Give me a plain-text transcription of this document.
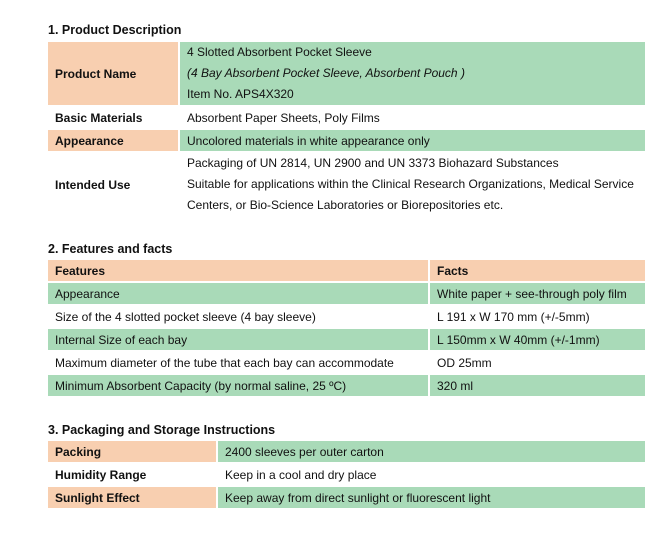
1. Product Description
Product Name	4 Slotted Absorbent Pocket Sleeve
(4 Bay Absorbent Pocket Sleeve, Absorbent Pouch )
Item No. APS4X320

Basic Materials	Absorbent Paper Sheets, Poly Films
Appearance	Uncolored materials in white appearance only
Intended Use	Packaging of UN 2814, UN 2900 and UN 3373 Biohazard Substances
Suitable for applications within the Clinical Research Organizations, Medical Service
Centers, or Bio-Science Laboratories or Biorepositories etc.
2. Features and facts
Features	Facts
Appearance	White paper + see-through poly film
Size of the 4 slotted pocket sleeve (4 bay sleeve)	L 191 x W 170 mm (+/-5mm)
Internal Size of each bay	L 150mm x W 40mm (+/-1mm)
Maximum diameter of the tube that each bay can accommodate	OD 25mm
Minimum Absorbent Capacity (by normal saline, 25 ºC)	320 ml
3. Packaging and Storage Instructions
Packing	2400 sleeves per outer carton
Humidity Range	Keep in a cool and dry place
Sunlight Effect	Keep away from direct sunlight or fluorescent light
